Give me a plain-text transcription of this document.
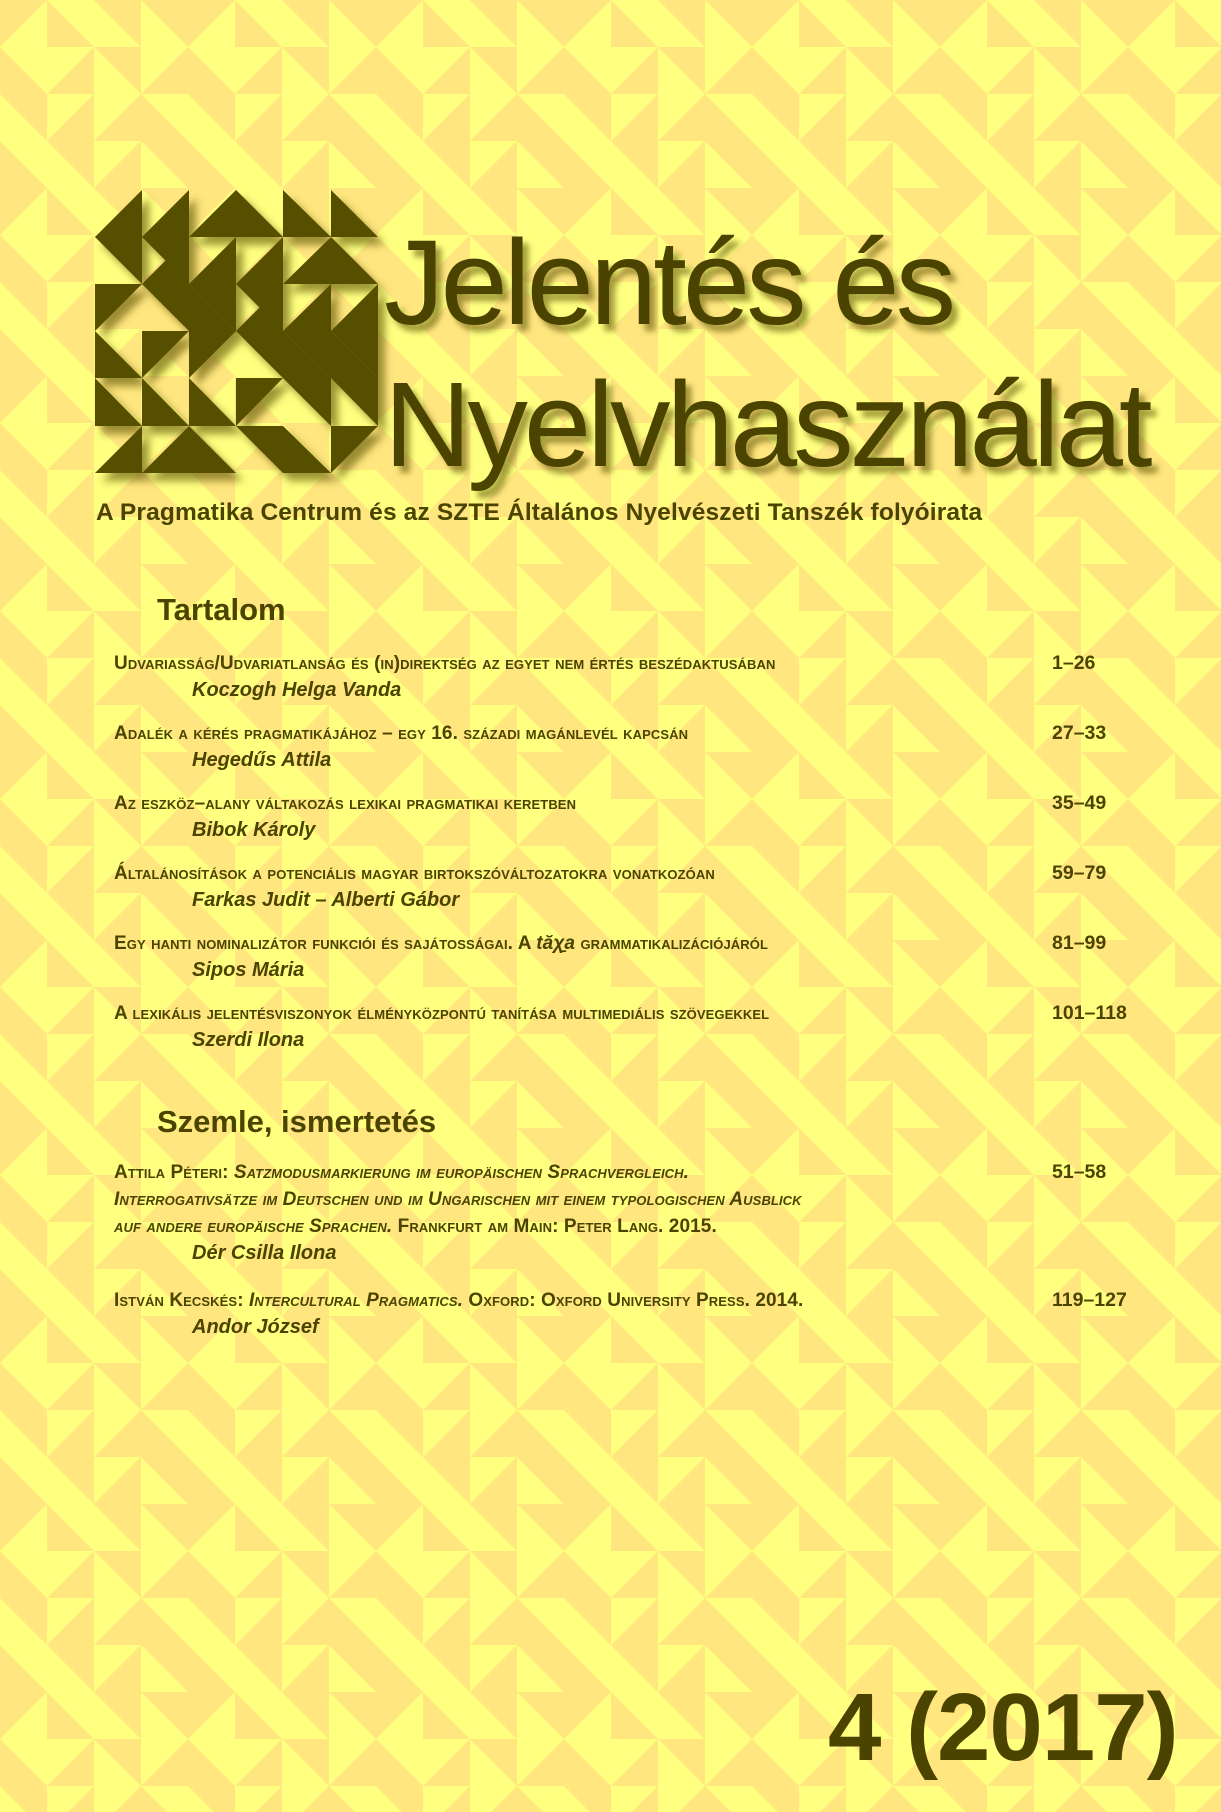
Jelentés és
Nyelvhasználat
A Pragmatika Centrum és az SZTE Általános Nyelvészeti Tanszék folyóirata
Tartalom
Udvariasság/Udvariatlanság és (in)direktség az egyet nem értés beszédaktusában
Koczogh Helga Vanda
1–26
Adalék a kérés pragmatikájához – egy 16. századi magánlevél kapcsán
Hegedűs Attila
27–33
Az eszköz–alany váltakozás lexikai pragmatikai keretben
Bibok Károly
35–49
Általánosítások a potenciális magyar birtokszóváltozatokra vonatkozóan
Farkas Judit – Alberti Gábor
59–79
Egy hanti nominalizátor funkciói és sajátosságai. A tăχ̱a grammatikalizációjáról
Sipos Mária
81–99
A lexikális jelentésviszonyok élményközpontú tanítása multimediális szövegekkel
Szerdi Ilona
101–118
Szemle, ismertetés
Attila Péteri: Satzmodusmarkierung im europäischen Sprachvergleich.
Interrogativsätze im Deutschen und im Ungarischen mit einem typologischen Ausblick
auf andere europäische Sprachen. Frankfurt am Main: Peter Lang. 2015.
Dér Csilla Ilona
51–58
István Kecskés: Intercultural Pragmatics. Oxford: Oxford University Press. 2014.
Andor József
119–127
4 (2017)
